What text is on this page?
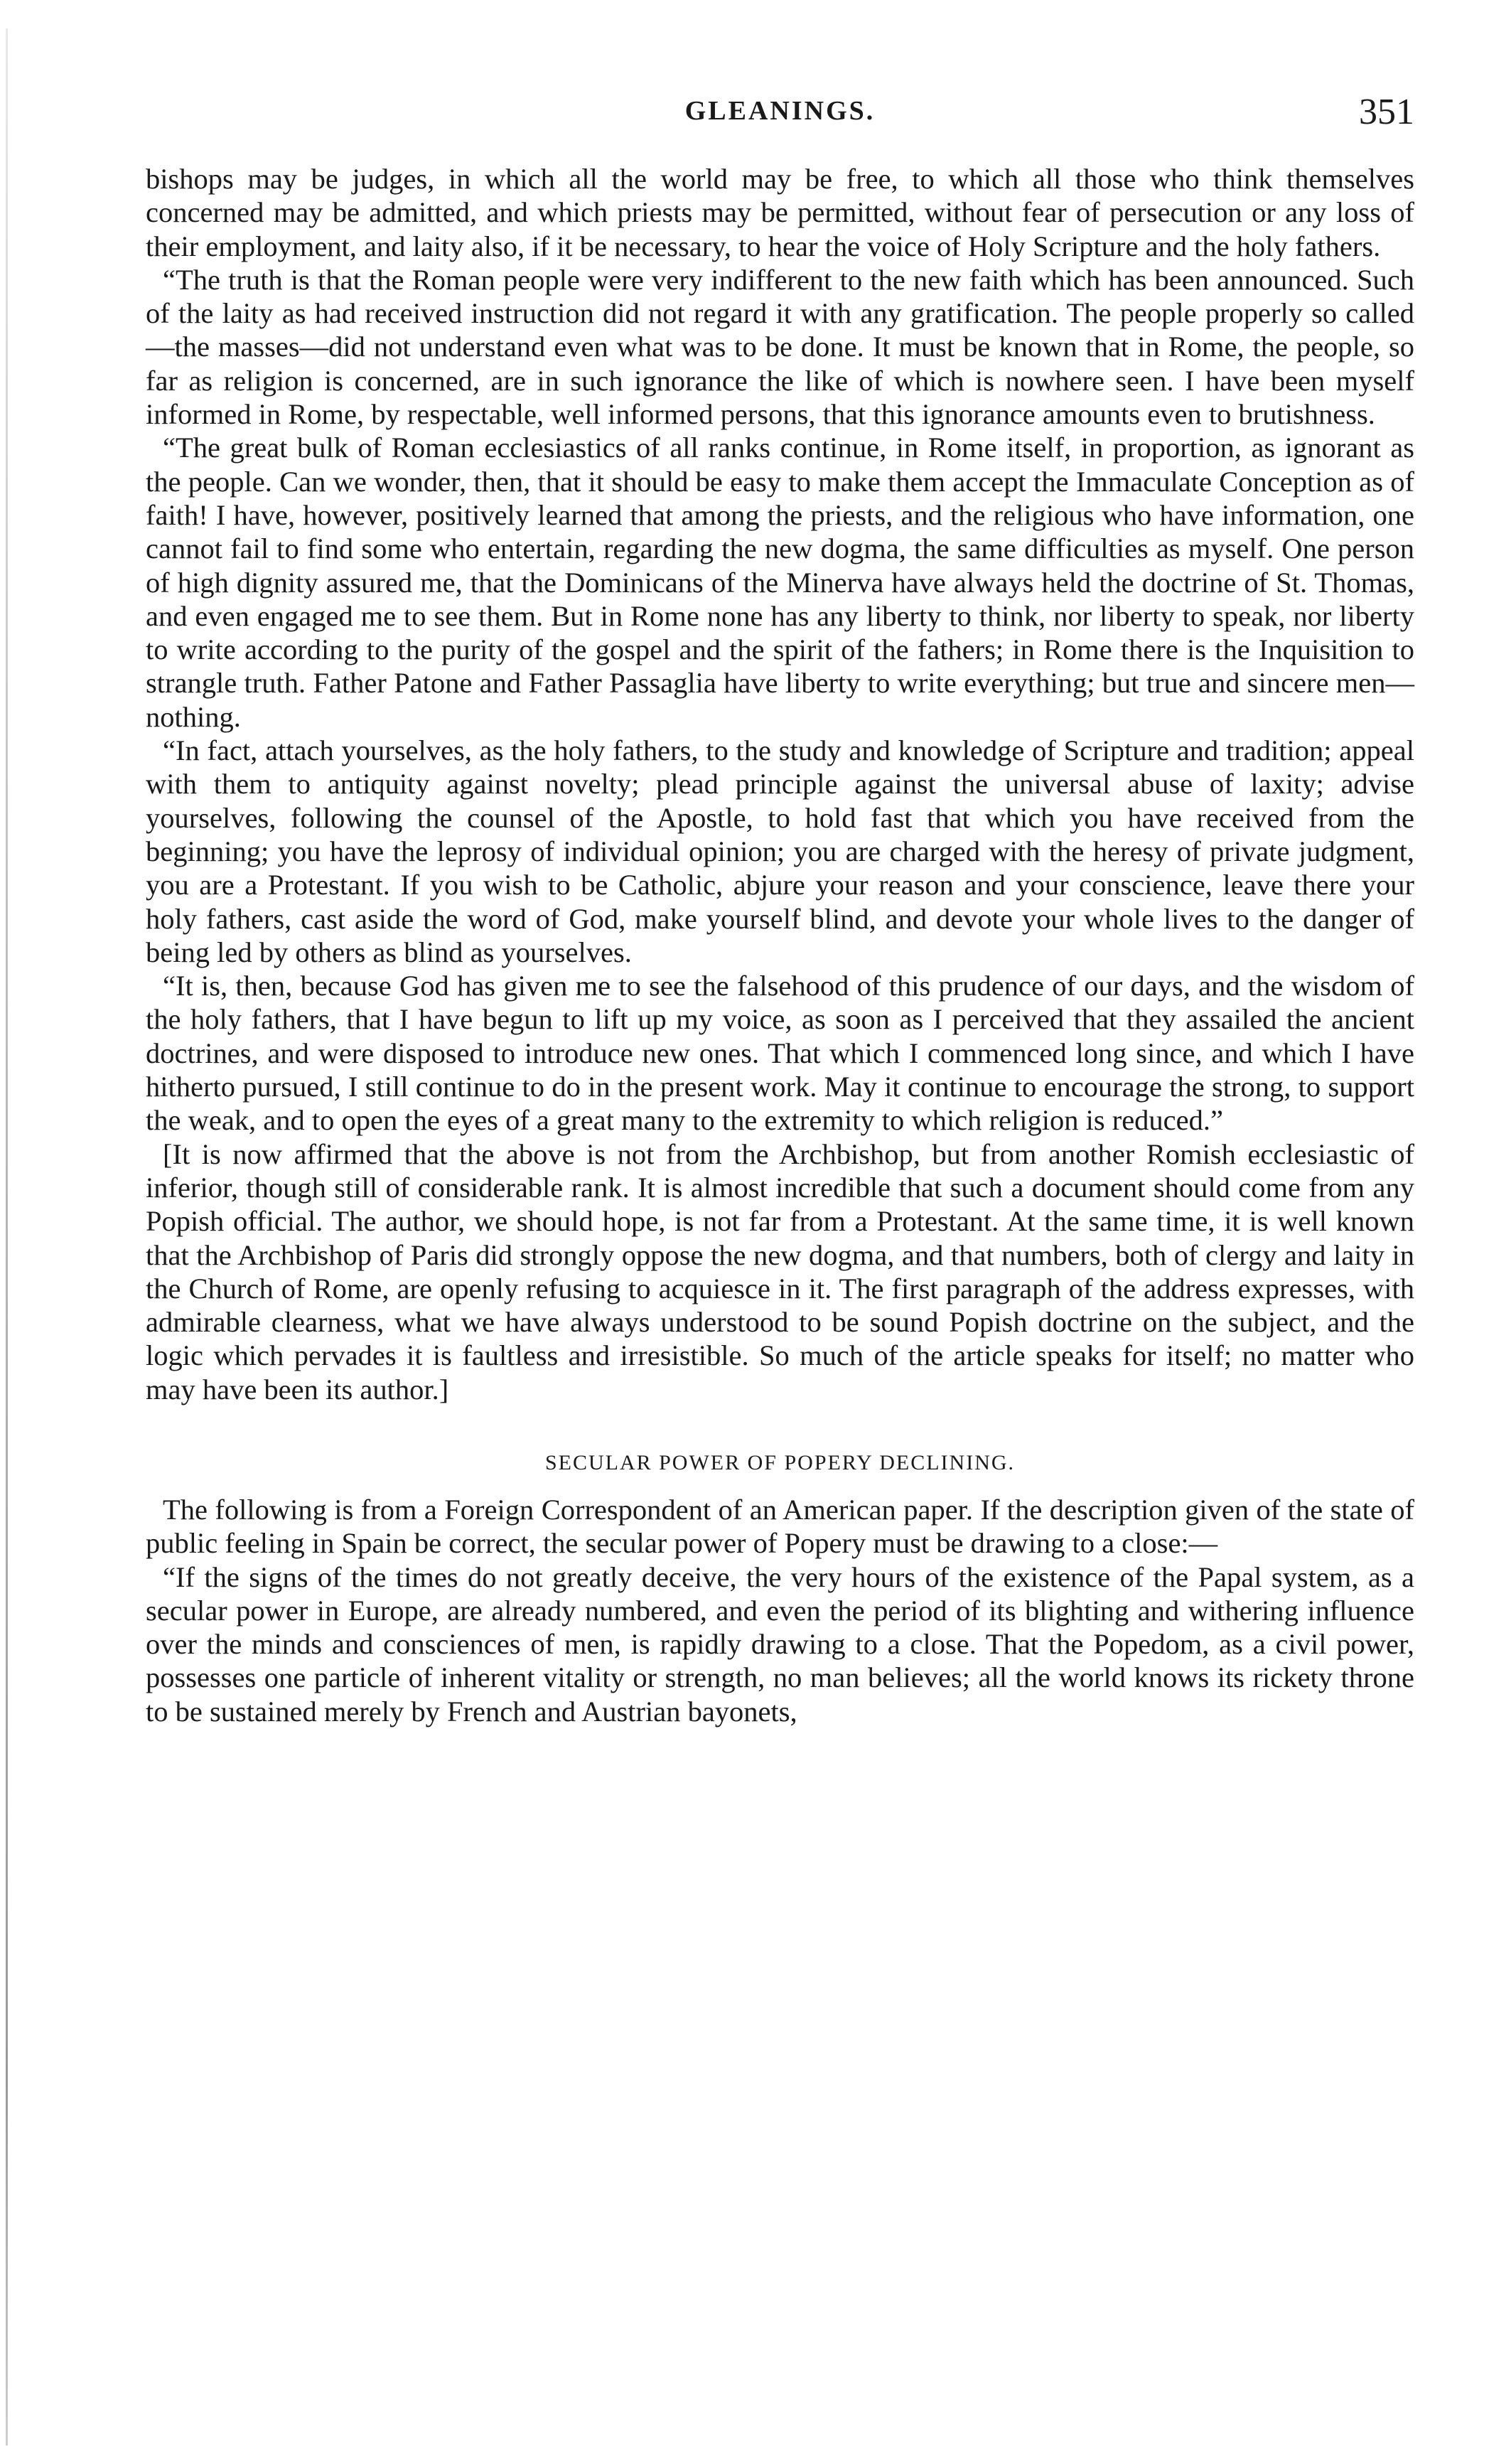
GLEANINGS.	351

bishops may be judges, in which all the world may be free, to which all those who think themselves concerned may be admitted, and which priests may be permitted, without fear of persecution or any loss of their employment, and laity also, if it be necessary, to hear the voice of Holy Scripture and the holy fathers.

“The truth is that the Roman people were very indifferent to the new faith which has been announced. Such of the laity as had received instruction did not regard it with any gratification. The people properly so called—the masses—did not understand even what was to be done. It must be known that in Rome, the people, so far as religion is concerned, are in such ignorance the like of which is nowhere seen. I have been myself informed in Rome, by respectable, well informed persons, that this ignorance amounts even to brutishness.

“The great bulk of Roman ecclesiastics of all ranks continue, in Rome itself, in proportion, as ignorant as the people. Can we wonder, then, that it should be easy to make them accept the Immaculate Conception as of faith! I have, however, positively learned that among the priests, and the religious who have information, one cannot fail to find some who entertain, regarding the new dogma, the same difficulties as myself. One person of high dignity assured me, that the Dominicans of the Minerva have always held the doctrine of St. Thomas, and even engaged me to see them. But in Rome none has any liberty to think, nor liberty to speak, nor liberty to write according to the purity of the gospel and the spirit of the fathers; in Rome there is the Inquisition to strangle truth. Father Patone and Father Passaglia have liberty to write everything; but true and sincere men—nothing.

“In fact, attach yourselves, as the holy fathers, to the study and knowledge of Scripture and tradition; appeal with them to antiquity against novelty; plead principle against the universal abuse of laxity; advise yourselves, following the counsel of the Apostle, to hold fast that which you have received from the beginning; you have the leprosy of individual opinion; you are charged with the heresy of private judgment, you are a Protestant. If you wish to be Catholic, abjure your reason and your conscience, leave there your holy fathers, cast aside the word of God, make yourself blind, and devote your whole lives to the danger of being led by others as blind as yourselves.

“It is, then, because God has given me to see the falsehood of this prudence of our days, and the wisdom of the holy fathers, that I have begun to lift up my voice, as soon as I perceived that they assailed the ancient doctrines, and were disposed to introduce new ones. That which I commenced long since, and which I have hitherto pursued, I still continue to do in the present work. May it continue to encourage the strong, to support the weak, and to open the eyes of a great many to the extremity to which religion is reduced.”

[It is now affirmed that the above is not from the Archbishop, but from another Romish ecclesiastic of inferior, though still of considerable rank. It is almost incredible that such a document should come from any Popish official. The author, we should hope, is not far from a Protestant. At the same time, it is well known that the Archbishop of Paris did strongly oppose the new dogma, and that numbers, both of clergy and laity in the Church of Rome, are openly refusing to acquiesce in it. The first paragraph of the address expresses, with admirable clearness, what we have always understood to be sound Popish doctrine on the subject, and the logic which pervades it is faultless and irresistible. So much of the article speaks for itself; no matter who may have been its author.]

SECULAR POWER OF POPERY DECLINING.

The following is from a Foreign Correspondent of an American paper. If the description given of the state of public feeling in Spain be correct, the secular power of Popery must be drawing to a close:—

“If the signs of the times do not greatly deceive, the very hours of the existence of the Papal system, as a secular power in Europe, are already numbered, and even the period of its blighting and withering influence over the minds and consciences of men, is rapidly drawing to a close. That the Popedom, as a civil power, possesses one particle of inherent vitality or strength, no man believes; all the world knows its rickety throne to be sustained merely by French and Austrian bayonets,
